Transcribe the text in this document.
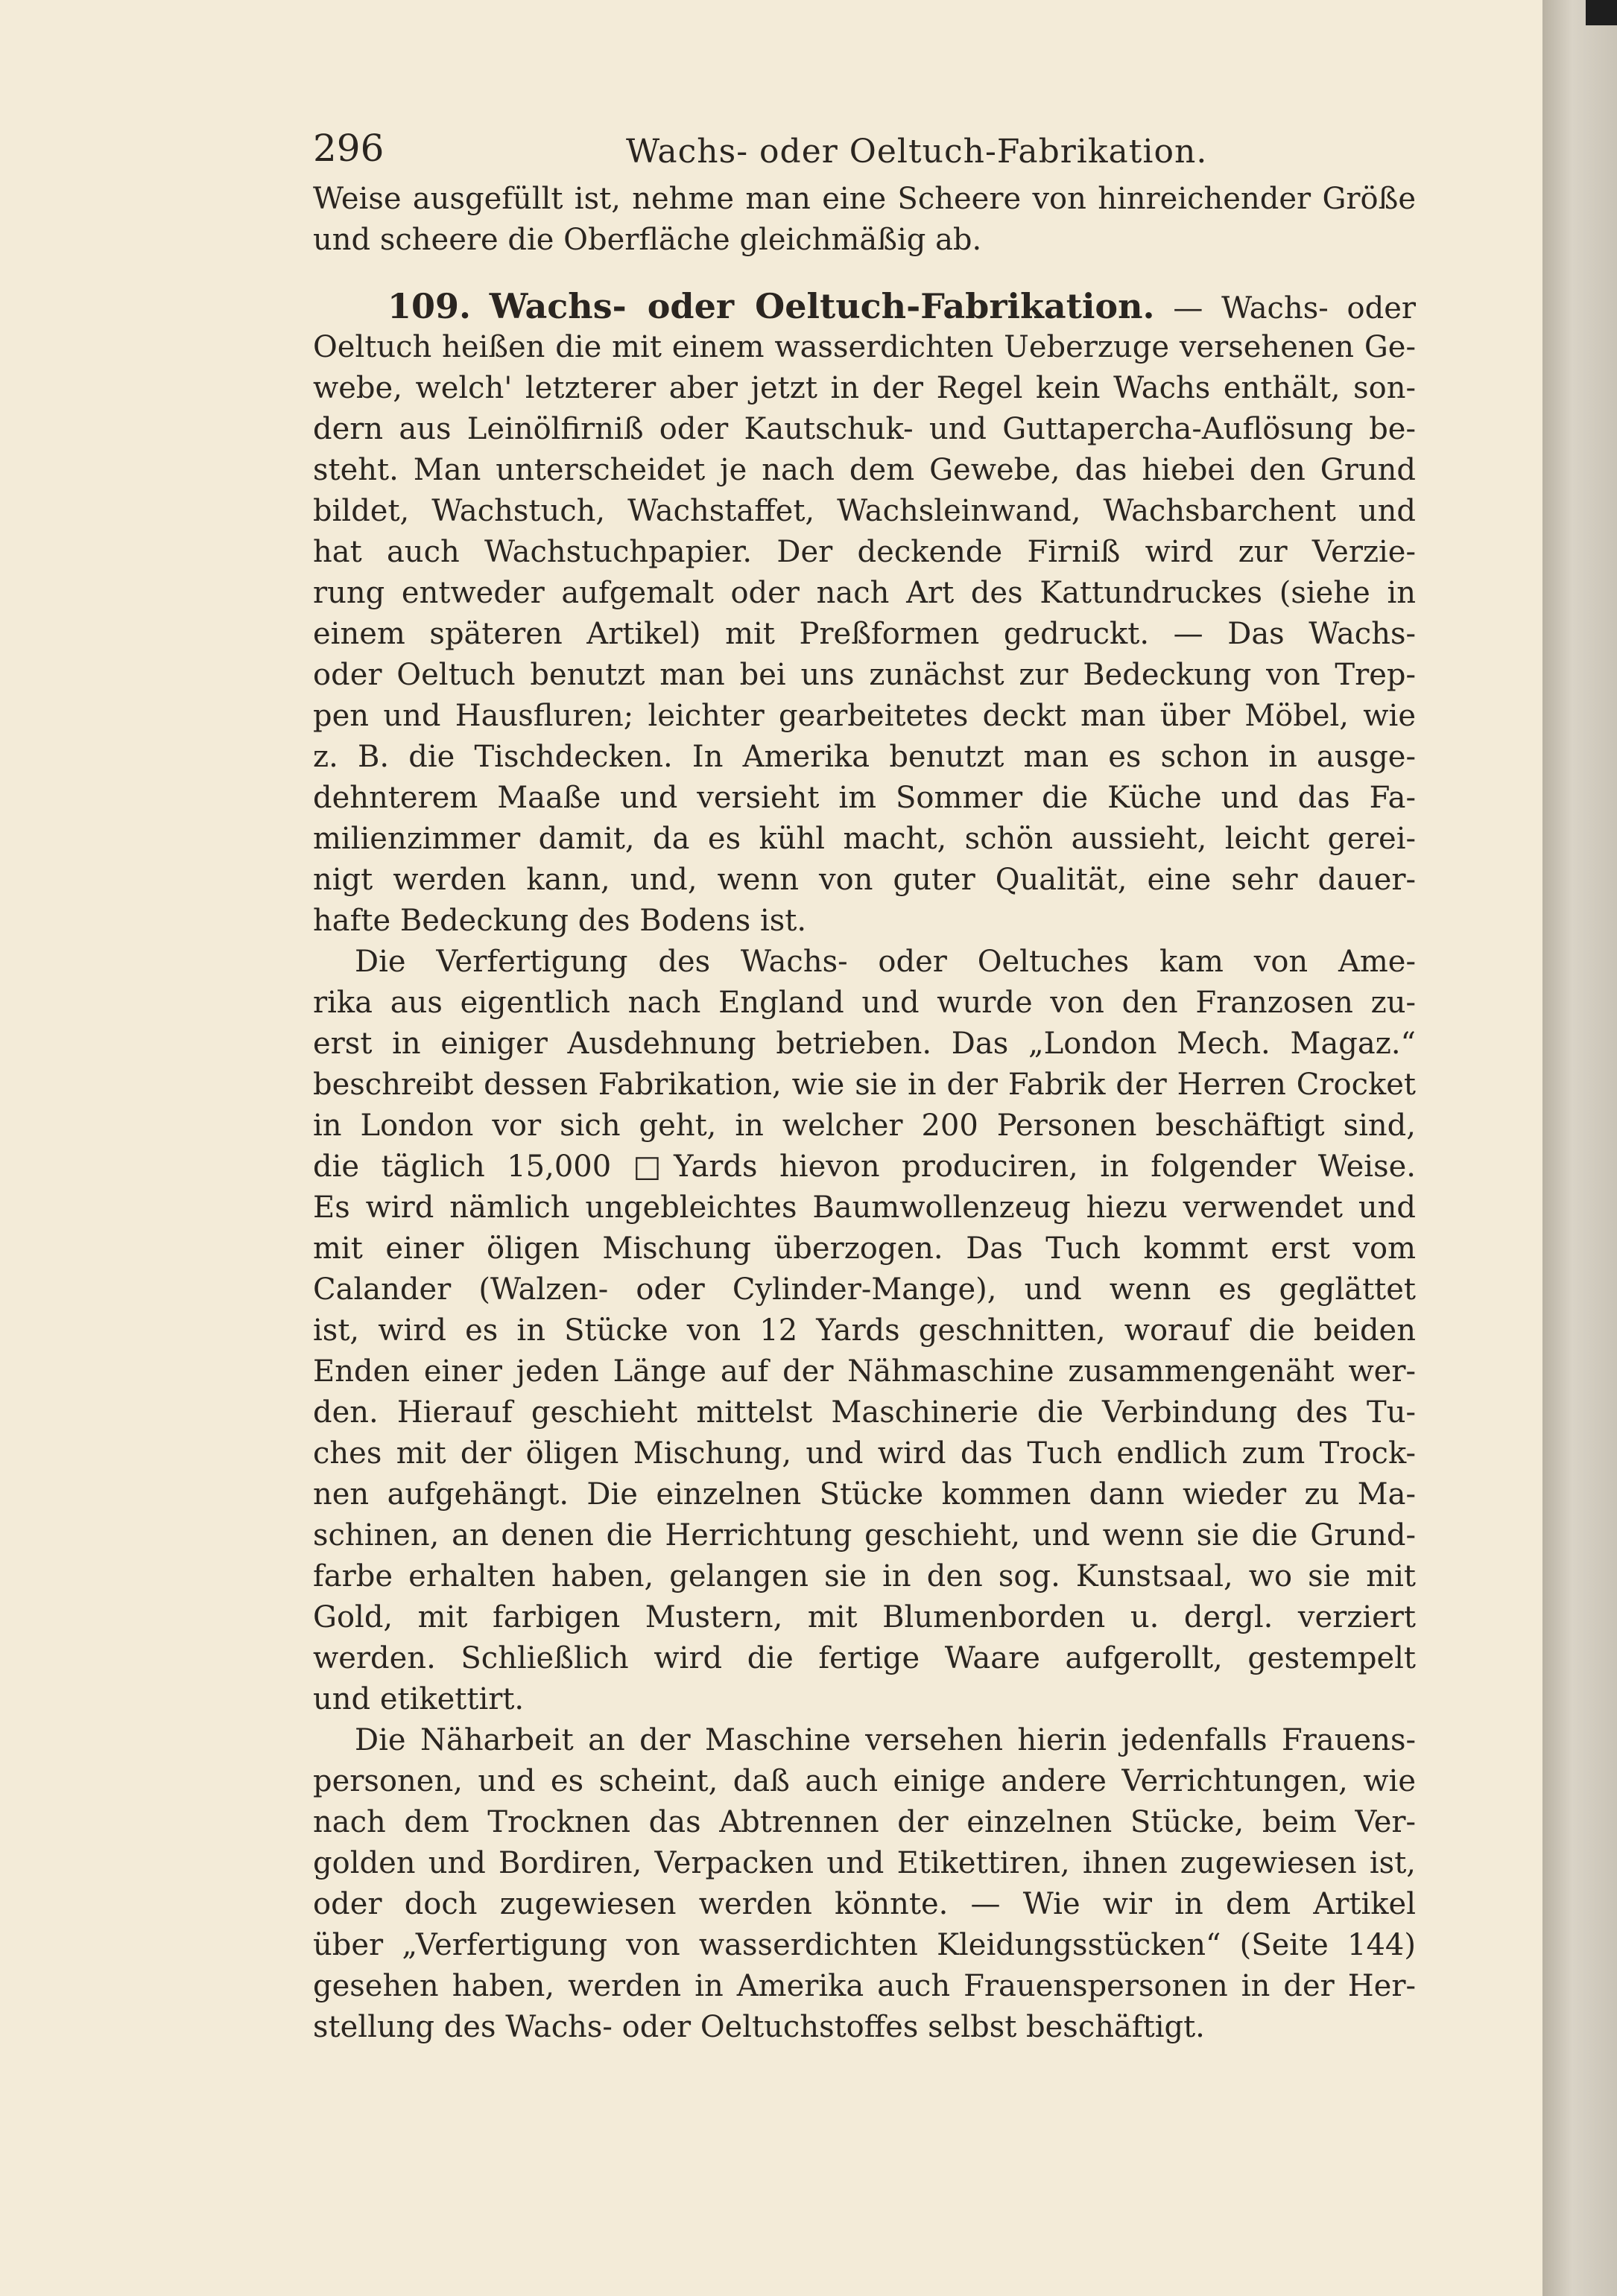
296	Wachs- oder Oeltuch-Fabrikation.
Weise ausgefüllt ist, nehme man eine Scheere von hinreichender Größe
und scheere die Oberfläche gleichmäßig ab.
109. Wachs- oder Oeltuch-Fabrikation. — Wachs- oder
Oeltuch heißen die mit einem wasserdichten Ueberzuge versehenen Ge-
webe, welch' letzterer aber jetzt in der Regel kein Wachs enthält, son-
dern aus Leinölfirniß oder Kautschuk- und Guttapercha-Auflösung be-
steht. Man unterscheidet je nach dem Gewebe, das hiebei den Grund
bildet, Wachstuch, Wachstaffet, Wachsleinwand, Wachsbarchent und
hat auch Wachstuchpapier. Der deckende Firniß wird zur Verzie-
rung entweder aufgemalt oder nach Art des Kattundruckes (siehe in
einem späteren Artikel) mit Preßformen gedruckt. — Das Wachs-
oder Oeltuch benutzt man bei uns zunächst zur Bedeckung von Trep-
pen und Hausfluren; leichter gearbeitetes deckt man über Möbel, wie
z. B. die Tischdecken. In Amerika benutzt man es schon in ausge-
dehnterem Maaße und versieht im Sommer die Küche und das Fa-
milienzimmer damit, da es kühl macht, schön aussieht, leicht gerei-
nigt werden kann, und, wenn von guter Qualität, eine sehr dauer-
hafte Bedeckung des Bodens ist.
Die Verfertigung des Wachs- oder Oeltuches kam von Ame-
rika aus eigentlich nach England und wurde von den Franzosen zu-
erst in einiger Ausdehnung betrieben. Das „London Mech. Magaz.“
beschreibt dessen Fabrikation, wie sie in der Fabrik der Herren Crocket
in London vor sich geht, in welcher 200 Personen beschäftigt sind,
die täglich 15,000 □Yards hievon produciren, in folgender Weise.
Es wird nämlich ungebleichtes Baumwollenzeug hiezu verwendet und
mit einer öligen Mischung überzogen. Das Tuch kommt erst vom
Calander (Walzen- oder Cylinder-Mange), und wenn es geglättet
ist, wird es in Stücke von 12 Yards geschnitten, worauf die beiden
Enden einer jeden Länge auf der Nähmaschine zusammengenäht wer-
den. Hierauf geschieht mittelst Maschinerie die Verbindung des Tu-
ches mit der öligen Mischung, und wird das Tuch endlich zum Trock-
nen aufgehängt. Die einzelnen Stücke kommen dann wieder zu Ma-
schinen, an denen die Herrichtung geschieht, und wenn sie die Grund-
farbe erhalten haben, gelangen sie in den sog. Kunstsaal, wo sie mit
Gold, mit farbigen Mustern, mit Blumenborden u. dergl. verziert
werden. Schließlich wird die fertige Waare aufgerollt, gestempelt
und etikettirt.
Die Näharbeit an der Maschine versehen hierin jedenfalls Frauens-
personen, und es scheint, daß auch einige andere Verrichtungen, wie
nach dem Trocknen das Abtrennen der einzelnen Stücke, beim Ver-
golden und Bordiren, Verpacken und Etikettiren, ihnen zugewiesen ist,
oder doch zugewiesen werden könnte. — Wie wir in dem Artikel
über „Verfertigung von wasserdichten Kleidungsstücken“ (Seite 144)
gesehen haben, werden in Amerika auch Frauenspersonen in der Her-
stellung des Wachs- oder Oeltuchstoffes selbst beschäftigt.
